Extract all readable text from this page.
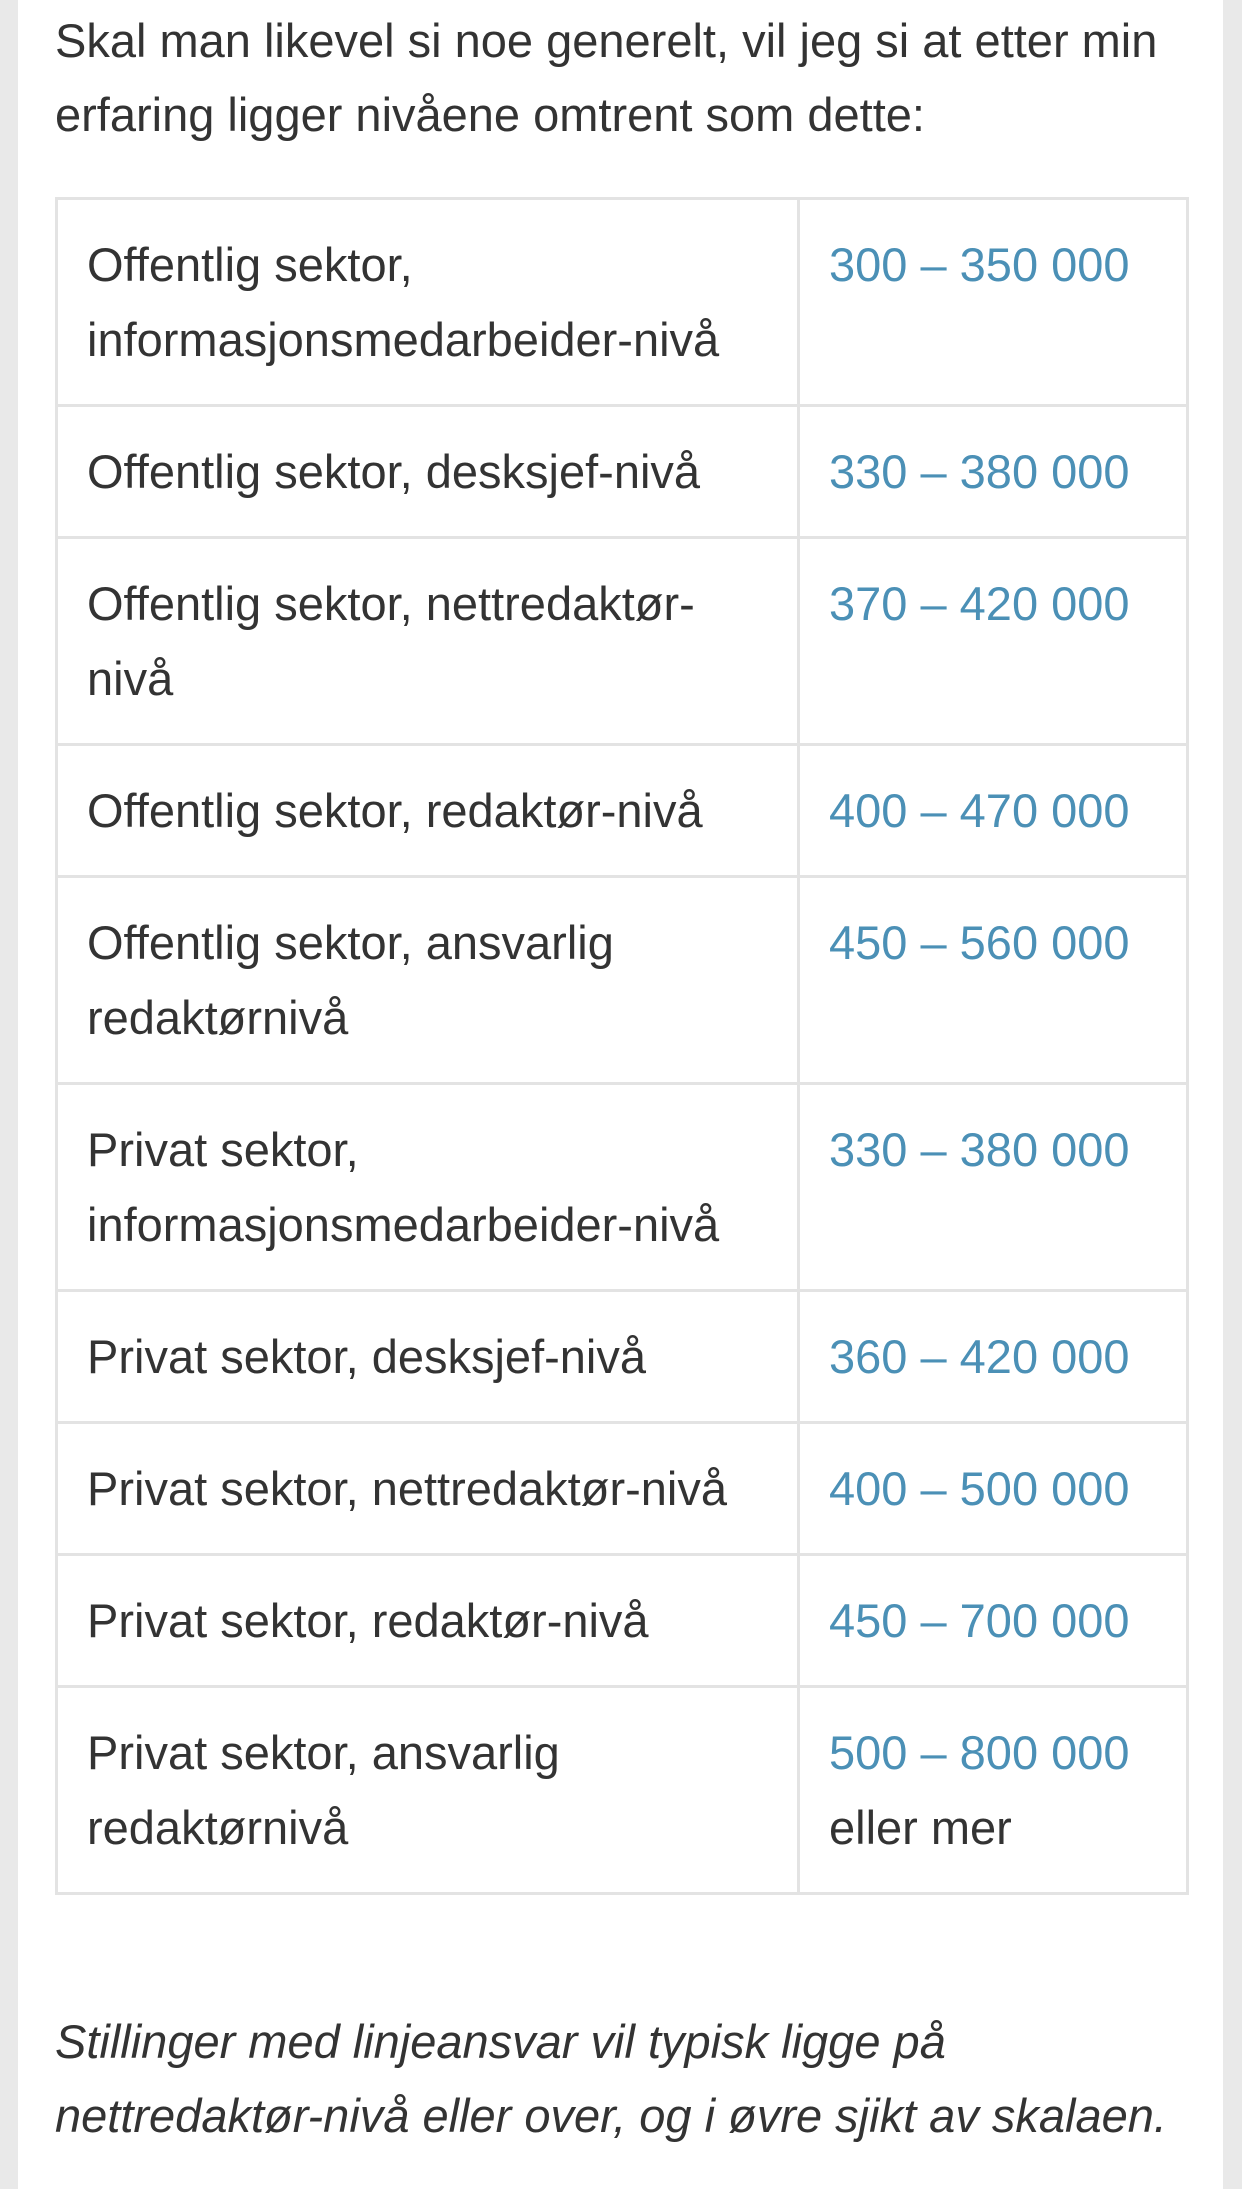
Skal man likevel si noe generelt, vil jeg si at etter min erfaring ligger nivåene omtrent som dette:

Offentlig sektor, informasjonsmedarbeider-nivå	300 – 350 000
Offentlig sektor, desksjef-nivå	330 – 380 000
Offentlig sektor, nettredaktør-nivå	370 – 420 000
Offentlig sektor, redaktør-nivå	400 – 470 000
Offentlig sektor, ansvarlig redaktørnivå	450 – 560 000
Privat sektor, informasjonsmedarbeider-nivå	330 – 380 000
Privat sektor, desksjef-nivå	360 – 420 000
Privat sektor, nettredaktør-nivå	400 – 500 000
Privat sektor, redaktør-nivå	450 – 700 000
Privat sektor, ansvarlig redaktørnivå	500 – 800 000
eller mer

Stillinger med linjeansvar vil typisk ligge på nettredaktør-nivå eller over, og i øvre sjikt av skalaen.
